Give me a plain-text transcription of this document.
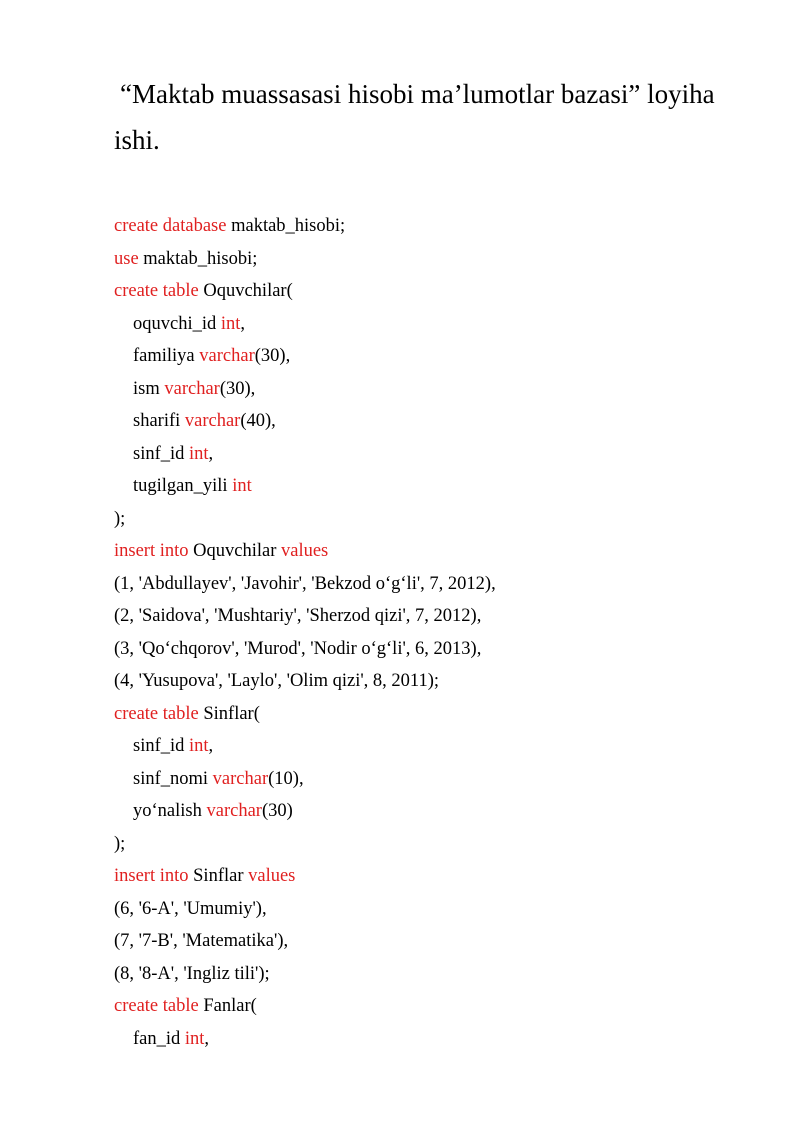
“Maktab muassasasi hisobi ma’lumotlar bazasi” loyiha ishi.
create database maktab_hisobi;
use maktab_hisobi;
create table Oquvchilar(
oquvchi_id int,
familiya varchar(30),
ism varchar(30),
sharifi varchar(40),
sinf_id int,
tugilgan_yili int
);
insert into Oquvchilar values
(1, 'Abdullayev', 'Javohir', 'Bekzod o‘g‘li', 7, 2012),
(2, 'Saidova', 'Mushtariy', 'Sherzod qizi', 7, 2012),
(3, 'Qo‘chqorov', 'Murod', 'Nodir o‘g‘li', 6, 2013),
(4, 'Yusupova', 'Laylo', 'Olim qizi', 8, 2011);
create table Sinflar(
sinf_id int,
sinf_nomi varchar(10),
yo‘nalish varchar(30)
);
insert into Sinflar values
(6, '6-A', 'Umumiy'),
(7, '7-B', 'Matematika'),
(8, '8-A', 'Ingliz tili');
create table Fanlar(
fan_id int,
